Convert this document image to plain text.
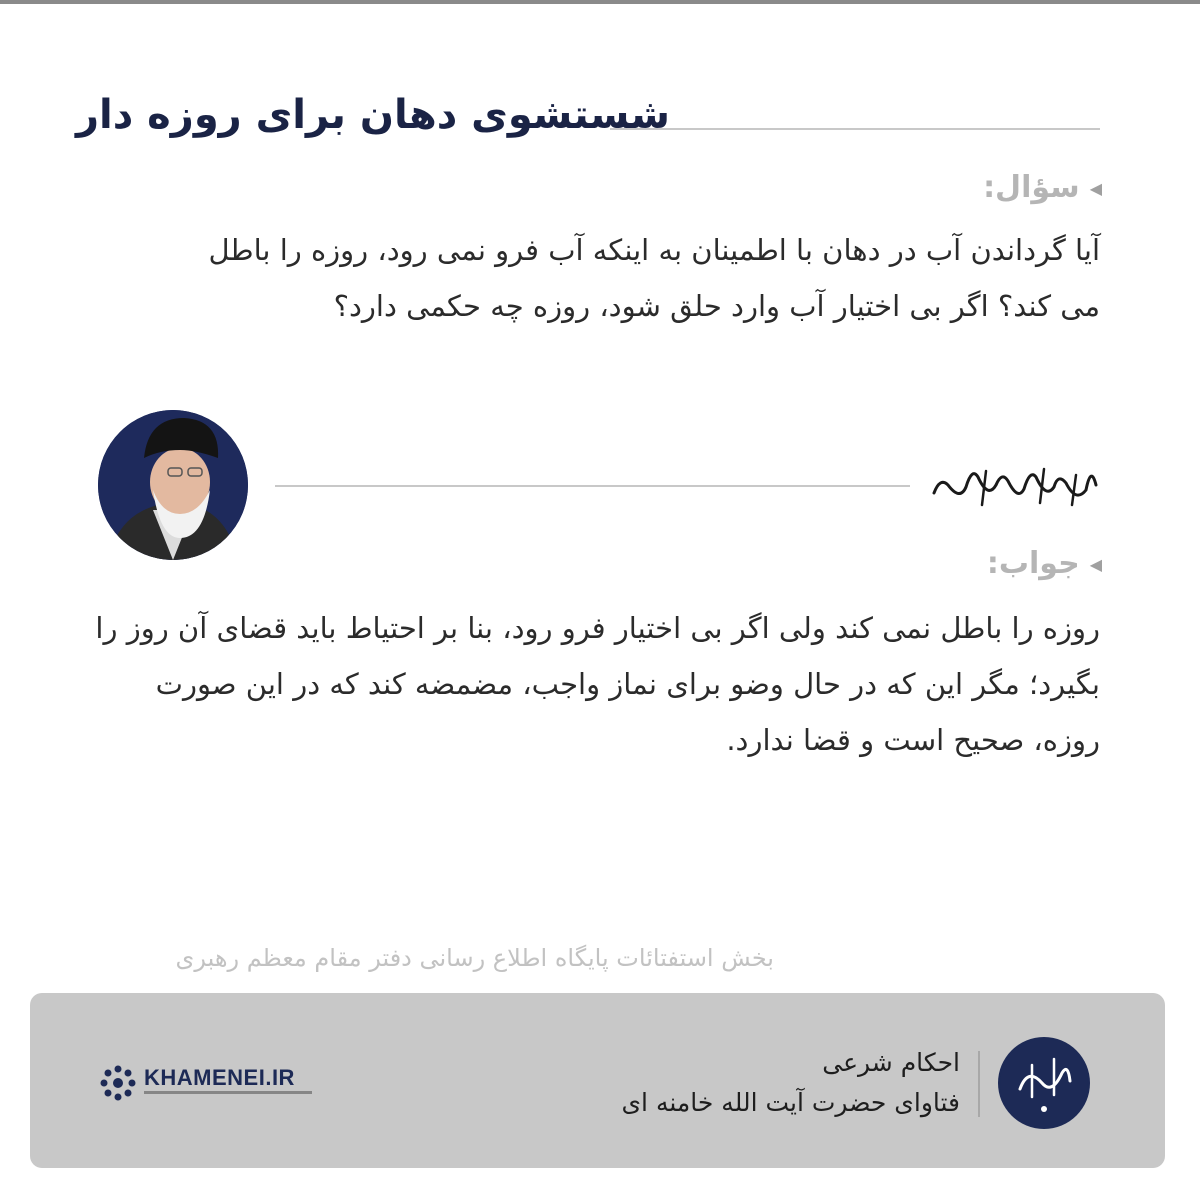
شستشوی دهان برای روزه دار
◀سؤال:

آیا گرداندن آب در دهان با اطمینان به اینکه آب فرو نمی رود، روزه را باطل

می کند؟ اگر بی اختیار آب وارد حلق شود، روزه چه حکمی دارد؟

◀جواب:

روزه را باطل نمی کند ولی اگر بی اختیار فرو رود، بنا بر احتیاط باید قضای آن روز را

بگیرد؛ مگر این که در حال وضو برای نماز واجب، مضمضه کند که در این صورت

روزه، صحیح است و قضا ندارد.

بخش استفتائات پایگاه اطلاع رسانی دفتر مقام معظم رهبری
احکام شرعی
فتاوای حضرت آیت الله خامنه ای
KHAMENEI.IR
